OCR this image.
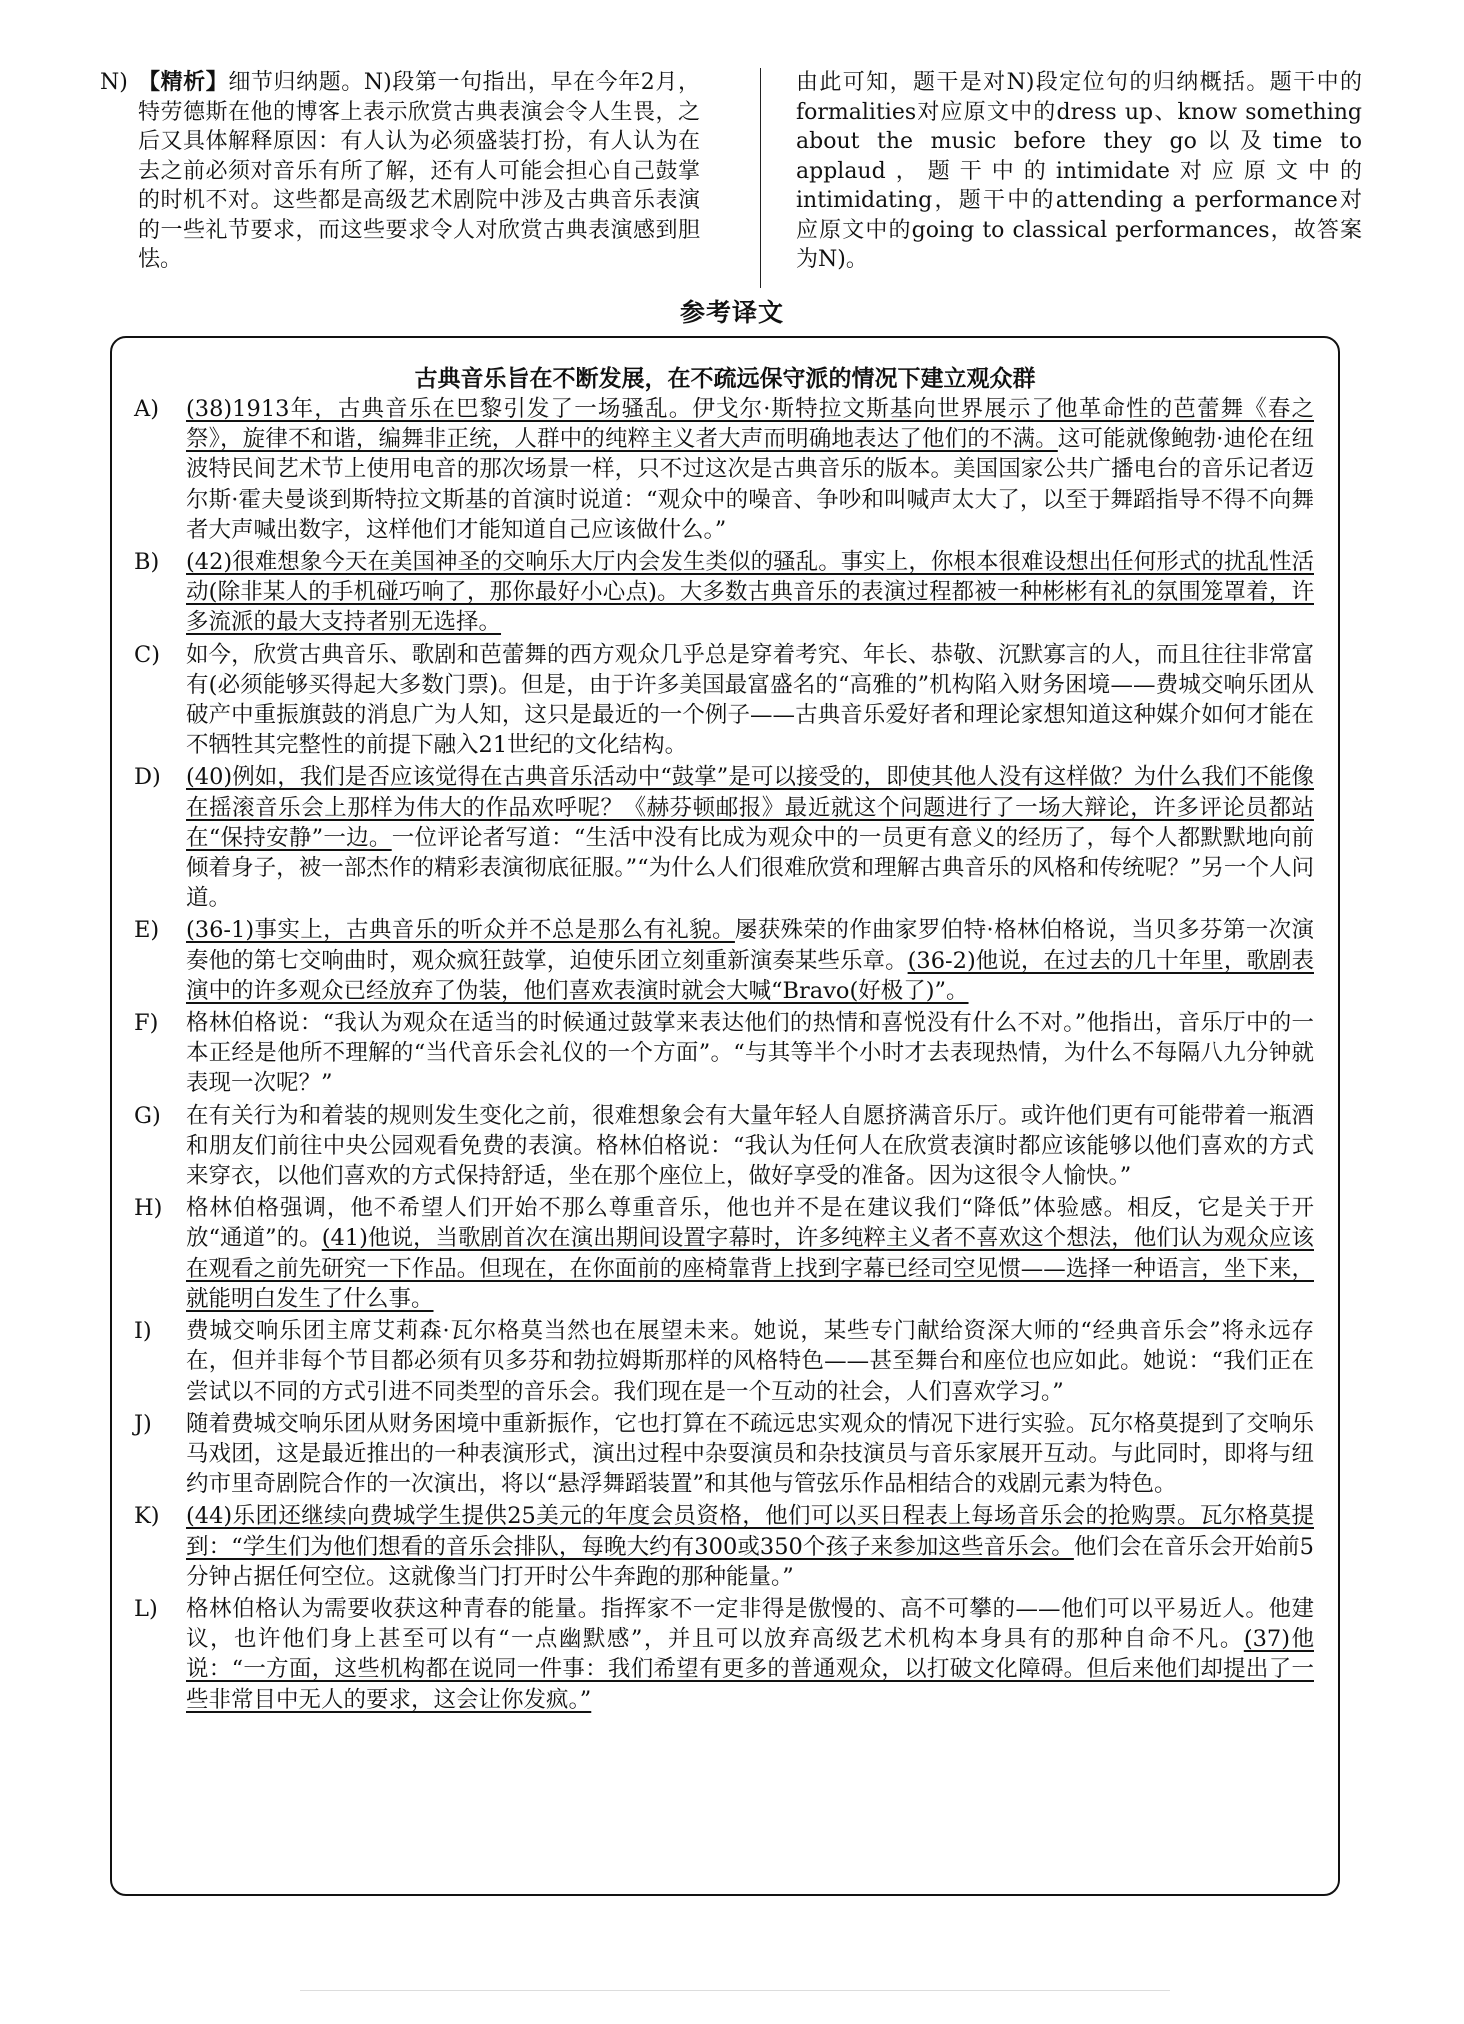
N) 【精析】细节归纳题。N)段第一句指出，早在今年2月，特劳德斯在他的博客上表示欣赏古典表演会令人生畏，之后又具体解释原因：有人认为必须盛装打扮，有人认为在去之前必须对音乐有所了解，还有人可能会担心自己鼓掌的时机不对。这些都是高级艺术剧院中涉及古典音乐表演的一些礼节要求，而这些要求令人对欣赏古典表演感到胆怯。
由此可知，题干是对N)段定位句的归纳概括。题干中的formalities对应原文中的dress up、know something about the music before they go以及time to applaud，题干中的intimidate对应原文中的intimidating，题干中的attending a performance对应原文中的going to classical performances，故答案为N)。
参考译文
古典音乐旨在不断发展，在不疏远保守派的情况下建立观众群
A) (38)1913年，古典音乐在巴黎引发了一场骚乱。伊戈尔·斯特拉文斯基向世界展示了他革命性的芭蕾舞《春之祭》，旋律不和谐，编舞非正统，人群中的纯粹主义者大声而明确地表达了他们的不满。这可能就像鲍勃·迪伦在纽波特民间艺术节上使用电音的那次场景一样，只不过这次是古典音乐的版本。美国国家公共广播电台的音乐记者迈尔斯·霍夫曼谈到斯特拉文斯基的首演时说道：“观众中的噪音、争吵和叫喊声太大了，以至于舞蹈指导不得不向舞者大声喊出数字，这样他们才能知道自己应该做什么。”
B) (42)很难想象今天在美国神圣的交响乐大厅内会发生类似的骚乱。事实上，你根本很难设想出任何形式的扰乱性活动(除非某人的手机碰巧响了，那你最好小心点)。大多数古典音乐的表演过程都被一种彬彬有礼的氛围笼罩着，许多流派的最大支持者别无选择。
C) 如今，欣赏古典音乐、歌剧和芭蕾舞的西方观众几乎总是穿着考究、年长、恭敬、沉默寡言的人，而且往往非常富有(必须能够买得起大多数门票)。但是，由于许多美国最富盛名的“高雅的”机构陷入财务困境——费城交响乐团从破产中重振旗鼓的消息广为人知，这只是最近的一个例子——古典音乐爱好者和理论家想知道这种媒介如何才能在不牺牲其完整性的前提下融入21世纪的文化结构。
D) (40)例如，我们是否应该觉得在古典音乐活动中“鼓掌”是可以接受的，即使其他人没有这样做？为什么我们不能像在摇滚音乐会上那样为伟大的作品欢呼呢？《赫芬顿邮报》最近就这个问题进行了一场大辩论，许多评论员都站在“保持安静”一边。一位评论者写道：“生活中没有比成为观众中的一员更有意义的经历了，每个人都默默地向前倾着身子，被一部杰作的精彩表演彻底征服。”“为什么人们很难欣赏和理解古典音乐的风格和传统呢？”另一个人问道。
E) (36-1)事实上，古典音乐的听众并不总是那么有礼貌。屡获殊荣的作曲家罗伯特·格林伯格说，当贝多芬第一次演奏他的第七交响曲时，观众疯狂鼓掌，迫使乐团立刻重新演奏某些乐章。(36-2)他说，在过去的几十年里，歌剧表演中的许多观众已经放弃了伪装，他们喜欢表演时就会大喊“Bravo(好极了)”。
F) 格林伯格说：“我认为观众在适当的时候通过鼓掌来表达他们的热情和喜悦没有什么不对。”他指出，音乐厅中的一本正经是他所不理解的“当代音乐会礼仪的一个方面”。“与其等半个小时才去表现热情，为什么不每隔八九分钟就表现一次呢？”
G) 在有关行为和着装的规则发生变化之前，很难想象会有大量年轻人自愿挤满音乐厅。或许他们更有可能带着一瓶酒和朋友们前往中央公园观看免费的表演。格林伯格说：“我认为任何人在欣赏表演时都应该能够以他们喜欢的方式来穿衣，以他们喜欢的方式保持舒适，坐在那个座位上，做好享受的准备。因为这很令人愉快。”
H) 格林伯格强调，他不希望人们开始不那么尊重音乐，他也并不是在建议我们“降低”体验感。相反，它是关于开放“通道”的。(41)他说，当歌剧首次在演出期间设置字幕时，许多纯粹主义者不喜欢这个想法，他们认为观众应该在观看之前先研究一下作品。但现在，在你面前的座椅靠背上找到字幕已经司空见惯——选择一种语言，坐下来，就能明白发生了什么事。
I) 费城交响乐团主席艾莉森·瓦尔格莫当然也在展望未来。她说，某些专门献给资深大师的“经典音乐会”将永远存在，但并非每个节目都必须有贝多芬和勃拉姆斯那样的风格特色——甚至舞台和座位也应如此。她说：“我们正在尝试以不同的方式引进不同类型的音乐会。我们现在是一个互动的社会，人们喜欢学习。”
J) 随着费城交响乐团从财务困境中重新振作，它也打算在不疏远忠实观众的情况下进行实验。瓦尔格莫提到了交响乐马戏团，这是最近推出的一种表演形式，演出过程中杂耍演员和杂技演员与音乐家展开互动。与此同时，即将与纽约市里奇剧院合作的一次演出，将以“悬浮舞蹈装置”和其他与管弦乐作品相结合的戏剧元素为特色。
K) (44)乐团还继续向费城学生提供25美元的年度会员资格，他们可以买日程表上每场音乐会的抢购票。瓦尔格莫提到：“学生们为他们想看的音乐会排队，每晚大约有300或350个孩子来参加这些音乐会。他们会在音乐会开始前5分钟占据任何空位。这就像当门打开时公牛奔跑的那种能量。”
L) 格林伯格认为需要收获这种青春的能量。指挥家不一定非得是傲慢的、高不可攀的——他们可以平易近人。他建议，也许他们身上甚至可以有“一点幽默感”，并且可以放弃高级艺术机构本身具有的那种自命不凡。(37)他说：“一方面，这些机构都在说同一件事：我们希望有更多的普通观众，以打破文化障碍。但后来他们却提出了一些非常目中无人的要求，这会让你发疯。”
